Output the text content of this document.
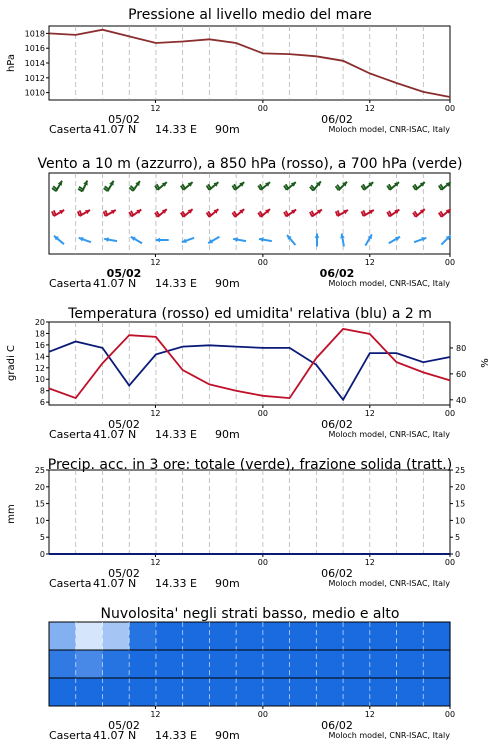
Pressione al livello medio del mare
Vento a 10 m (azzurro), a 850 hPa (rosso), a 700 hPa (verde)
Temperatura (rosso) ed umidita' relativa (blu) a 2 m
Precip. acc. in 3 ore: totale (verde), frazione solida (tratt.)
Nuvolosita' negli strati basso, medio e alto
hPa
gradi C	%
mm
12	00	12	00
05/02	06/02
Caserta 41.07 N 14.33 E 90m	Moloch model, CNR-ISAC, Italy
12	00	12	00
05/02	06/02
Caserta 41.07 N 14.33 E 90m	Moloch model, CNR-ISAC, Italy
12	00	12	00
05/02	06/02
Caserta 41.07 N 14.33 E 90m	Moloch model, CNR-ISAC, Italy
12	00	12	00
05/02	06/02
Caserta 41.07 N 14.33 E 90m	Moloch model, CNR-ISAC, Italy
12	00	12	00
05/02	06/02
Caserta 41.07 N 14.33 E 90m	Moloch model, CNR-ISAC, Italy
1010
1012
1014
1016
1018
6
8
10
12
14
16
18
20
40
60
80
0	0
5	5
10	10
15	15
20	20
25	25
